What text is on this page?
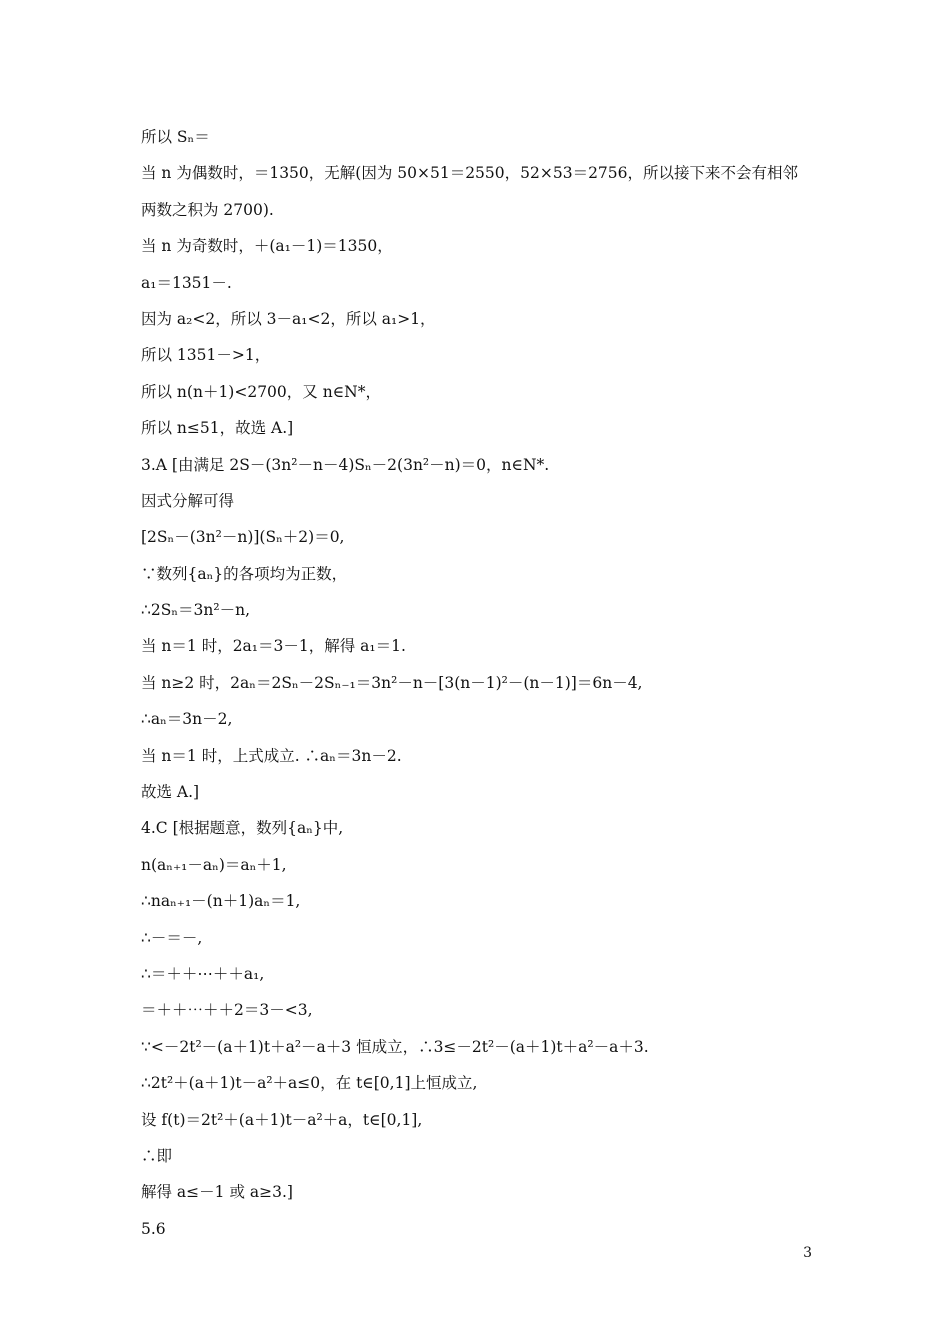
所以 Sₙ＝
当 n 为偶数时，＝1350，无解(因为 50×51＝2550，52×53＝2756，所以接下来不会有相邻
两数之积为 2700).
当 n 为奇数时，＋(a₁－1)＝1350，
a₁＝1351－.
因为 a₂<2，所以 3－a₁<2，所以 a₁>1，
所以 1351－>1，
所以 n(n＋1)<2700，又 n∈N*，
所以 n≤51，故选 A.]
3.A [由满足 2S－(3n²－n－4)Sₙ－2(3n²－n)＝0，n∈N*.
因式分解可得
[2Sₙ－(3n²－n)](Sₙ＋2)＝0,
∵数列{aₙ}的各项均为正数，
∴2Sₙ＝3n²－n,
当 n＝1 时，2a₁＝3－1，解得 a₁＝1.
当 n≥2 时，2aₙ＝2Sₙ－2Sₙ₋₁＝3n²－n－[3(n－1)²－(n－1)]＝6n－4,
∴aₙ＝3n－2,
当 n＝1 时，上式成立. ∴aₙ＝3n－2.
故选 A.]
4.C [根据题意，数列{aₙ}中,
n(aₙ₊₁－aₙ)＝aₙ＋1,
∴naₙ₊₁－(n＋1)aₙ＝1,
∴－＝－,
∴＝＋＋⋯＋＋a₁,
＝＋＋⋯＋＋2＝3－<3,
∵<－2t²－(a＋1)t＋a²－a＋3 恒成立，∴3≤－2t²－(a＋1)t＋a²－a＋3.
∴2t²＋(a＋1)t－a²＋a≤0，在 t∈[0,1]上恒成立,
设 f(t)＝2t²＋(a＋1)t－a²＋a，t∈[0,1],
∴即
解得 a≤－1 或 a≥3.]
5.6
3
